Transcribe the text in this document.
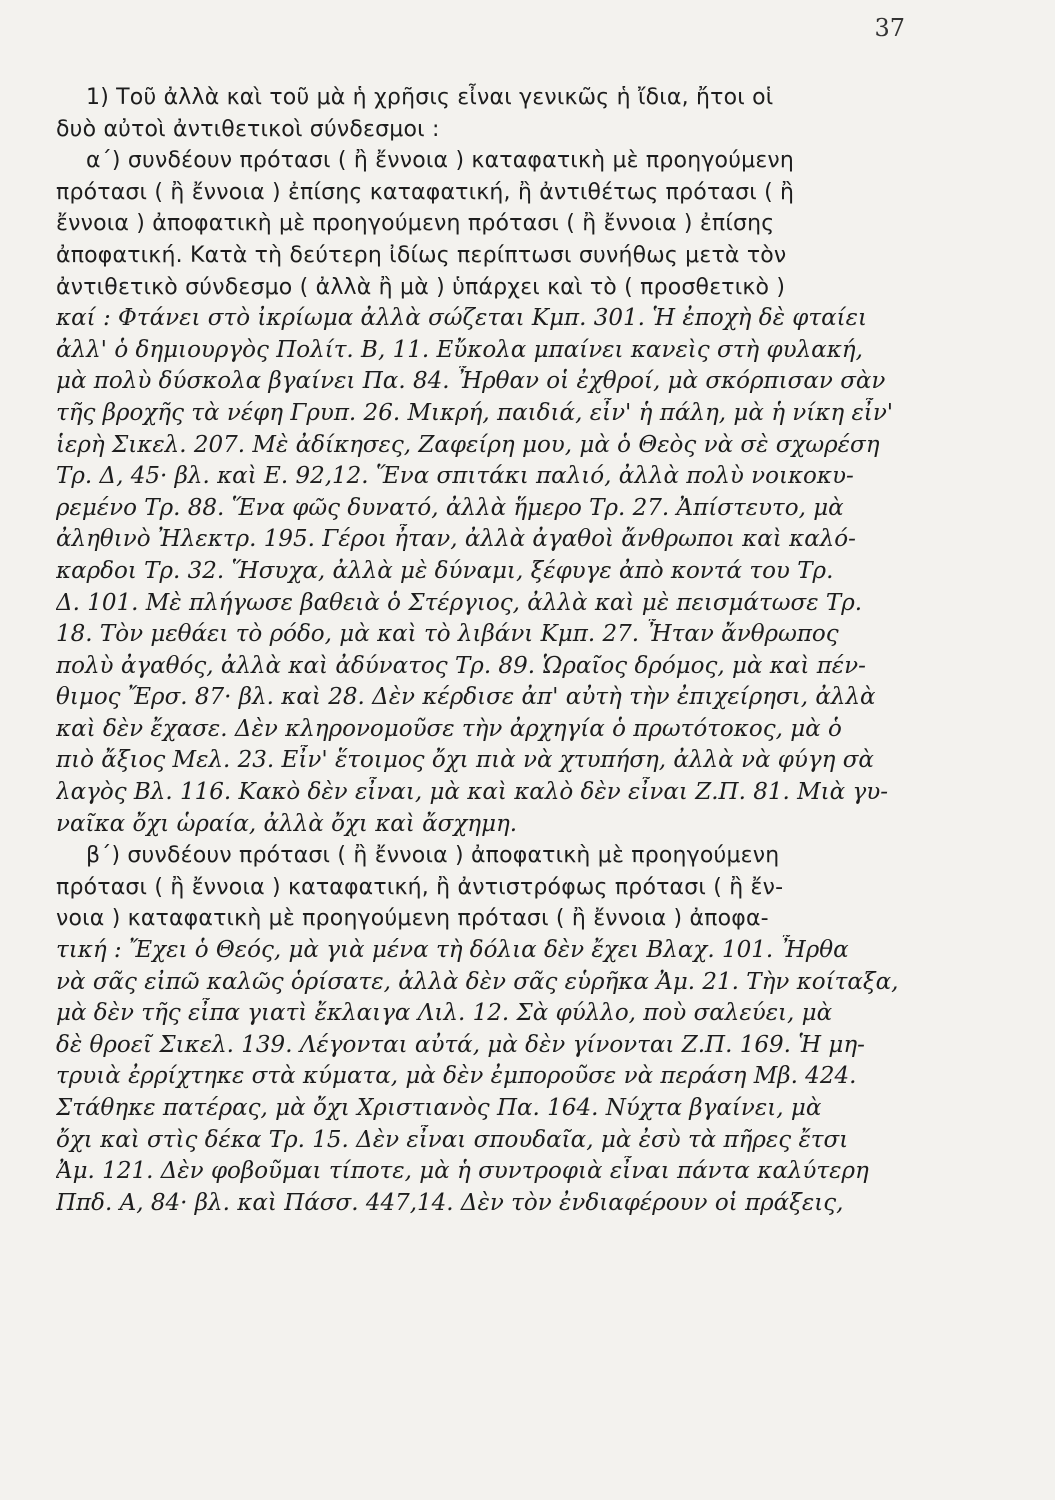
37

1) Τοῦ ἀλλὰ καὶ τοῦ μὰ ἡ χρῆσις εἶναι γενικῶς ἡ ἴδια, ἤτοι οἱ
δυὸ αὐτοὶ ἀντιθετικοὶ σύνδεσμοι :

α΄) συνδέουν πρότασι ( ἢ ἔννοια ) καταφατικὴ μὲ προηγούμενη
πρότασι ( ἢ ἔννοια ) ἐπίσης καταφατική, ἢ ἀντιθέτως πρότασι ( ἢ
ἔννοια ) ἀποφατικὴ μὲ προηγούμενη πρότασι ( ἢ ἔννοια ) ἐπίσης
ἀποφατική. Κατὰ τὴ δεύτερη ἰδίως περίπτωσι συνήθως μετὰ τὸν
ἀντιθετικὸ σύνδεσμο ( ἀλλὰ ἢ μὰ ) ὑπάρχει καὶ τὸ ( προσθετικὸ )
καί : Φτάνει στὸ ἰκρίωμα ἀλλὰ σώζεται Κμπ. 301. Ἡ ἐποχὴ δὲ φταίει
ἀλλ' ὁ δημιουργὸς Πολίτ. Β, 11. Εὔκολα μπαίνει κανεὶς στὴ φυλακή,
μὰ πολὺ δύσκολα βγαίνει Πα. 84. Ἦρθαν οἱ ἐχθροί, μὰ σκόρπισαν σὰν
τῆς βροχῆς τὰ νέφη Γρυπ. 26. Μικρή, παιδιά, εἶν' ἡ πάλη, μὰ ἡ νίκη εἶν'
ἱερὴ Σικελ. 207. Μὲ ἀδίκησες, Ζαφείρη μου, μὰ ὁ Θεὸς νὰ σὲ σχωρέση
Τρ. Δ, 45· βλ. καὶ Ε. 92,12. Ἕνα σπιτάκι παλιό, ἀλλὰ πολὺ νοικοκυ-
ρεμένο Τρ. 88. Ἕνα φῶς δυνατό, ἀλλὰ ἥμερο Τρ. 27. Ἀπίστευτο, μὰ
ἀληθινὸ Ἠλεκτρ. 195. Γέροι ἦταν, ἀλλὰ ἀγαθοὶ ἄνθρωποι καὶ καλό-
καρδοι Τρ. 32. Ἥσυχα, ἀλλὰ μὲ δύναμι, ξέφυγε ἀπὸ κοντά του Τρ.
Δ. 101. Μὲ πλήγωσε βαθειὰ ὁ Στέργιος, ἀλλὰ καὶ μὲ πεισμάτωσε Τρ.
18. Τὸν μεθάει τὸ ρόδο, μὰ καὶ τὸ λιβάνι Κμπ. 27. Ἦταν ἄνθρωπος
πολὺ ἀγαθός, ἀλλὰ καὶ ἀδύνατος Τρ. 89. Ὡραῖος δρόμος, μὰ καὶ πέν-
θιμος Ἔρσ. 87· βλ. καὶ 28. Δὲν κέρδισε ἀπ' αὐτὴ τὴν ἐπιχείρησι, ἀλλὰ
καὶ δὲν ἔχασε. Δὲν κληρονομοῦσε τὴν ἀρχηγία ὁ πρωτότοκος, μὰ ὁ
πιὸ ἄξιος Μελ. 23. Εἶν' ἕτοιμος ὄχι πιὰ νὰ χτυπήση, ἀλλὰ νὰ φύγη σὰ
λαγὸς Βλ. 116. Κακὸ δὲν εἶναι, μὰ καὶ καλὸ δὲν εἶναι Ζ.Π. 81. Μιὰ γυ-
ναῖκα ὄχι ὡραία, ἀλλὰ ὄχι καὶ ἄσχημη.

β΄) συνδέουν πρότασι ( ἢ ἔννοια ) ἀποφατικὴ μὲ προηγούμενη
πρότασι ( ἢ ἔννοια ) καταφατική, ἢ ἀντιστρόφως πρότασι ( ἢ ἔν-
νοια ) καταφατικὴ μὲ προηγούμενη πρότασι ( ἢ ἔννοια ) ἀποφα-
τική : Ἔχει ὁ Θεός, μὰ γιὰ μένα τὴ δόλια δὲν ἔχει Βλαχ. 101. Ἦρθα
νὰ σᾶς εἰπῶ καλῶς ὁρίσατε, ἀλλὰ δὲν σᾶς εὑρῆκα Ἀμ. 21. Τὴν κοίταξα,
μὰ δὲν τῆς εἶπα γιατὶ ἔκλαιγα Λιλ. 12. Σὰ φύλλο, ποὺ σαλεύει, μὰ
δὲ θροεῖ Σικελ. 139. Λέγονται αὐτά, μὰ δὲν γίνονται Ζ.Π. 169. Ἡ μη-
τρυιὰ ἐρρίχτηκε στὰ κύματα, μὰ δὲν ἐμποροῦσε νὰ περάση Μβ. 424.
Στάθηκε πατέρας, μὰ ὄχι Χριστιανὸς Πα. 164. Νύχτα βγαίνει, μὰ
ὄχι καὶ στὶς δέκα Τρ. 15. Δὲν εἶναι σπουδαῖα, μὰ ἐσὺ τὰ πῆρες ἔτσι
Ἀμ. 121. Δὲν φοβοῦμαι τίποτε, μὰ ἡ συντροφιὰ εἶναι πάντα καλύτερη
Ππδ. Α, 84· βλ. καὶ Πάσσ. 447,14. Δὲν τὸν ἐνδιαφέρουν οἱ πράξεις,
